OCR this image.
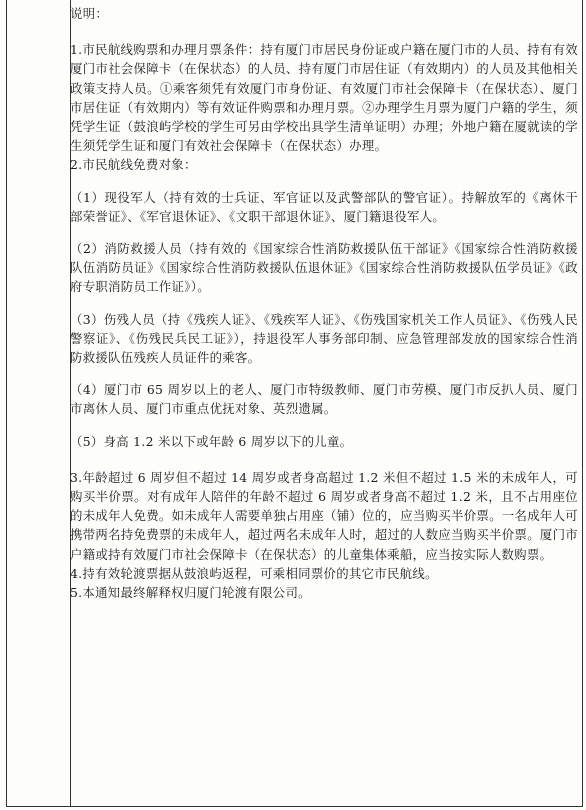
说明：

1.市民航线购票和办理月票条件：持有厦门市居民身份证或户籍在厦门市的人员、持有有效厦门市社会保障卡（在保状态）的人员、持有厦门市居住证（有效期内）的人员及其他相关政策支持人员。①乘客须凭有效厦门市身份证、有效厦门市社会保障卡（在保状态）、厦门市居住证（有效期内）等有效证件购票和办理月票。②办理学生月票为厦门户籍的学生，须凭学生证（鼓浪屿学校的学生可另由学校出具学生清单证明）办理；外地户籍在厦就读的学生须凭学生证和厦门有效社会保障卡（在保状态）办理。

2.市民航线免费对象：

（1）现役军人（持有效的士兵证、军官证以及武警部队的警官证）。持解放军的《离休干部荣誉证》、《军官退休证》、《文职干部退休证》、厦门籍退役军人。

（2）消防救援人员（持有效的《国家综合性消防救援队伍干部证》《国家综合性消防救援队伍消防员证》《国家综合性消防救援队伍退休证》《国家综合性消防救援队伍学员证》《政府专职消防员工作证》）。

（3）伤残人员（持《残疾人证》、《残疾军人证》、《伤残国家机关工作人员证》、《伤残人民警察证》、《伤残民兵民工证》），持退役军人事务部印制、应急管理部发放的国家综合性消防救援队伍残疾人员证件的乘客。

（4）厦门市 65 周岁以上的老人、厦门市特级教师、厦门市劳模、厦门市反扒人员、厦门市离休人员、厦门市重点优抚对象、英烈遗属。

（5）身高 1.2 米以下或年龄 6 周岁以下的儿童。

3.年龄超过 6 周岁但不超过 14 周岁或者身高超过 1.2 米但不超过 1.5 米的未成年人，可购买半价票。对有成年人陪伴的年龄不超过 6 周岁或者身高不超过 1.2 米，且不占用座位的未成年人免费。如未成年人需要单独占用座（铺）位的，应当购买半价票。一名成年人可携带两名持免费票的未成年人，超过两名未成年人时，超过的人数应当购买半价票。厦门市户籍或持有效厦门市社会保障卡（在保状态）的儿童集体乘船，应当按实际人数购票。

4.持有效轮渡票据从鼓浪屿返程，可乘相同票价的其它市民航线。

5.本通知最终解释权归厦门轮渡有限公司。
